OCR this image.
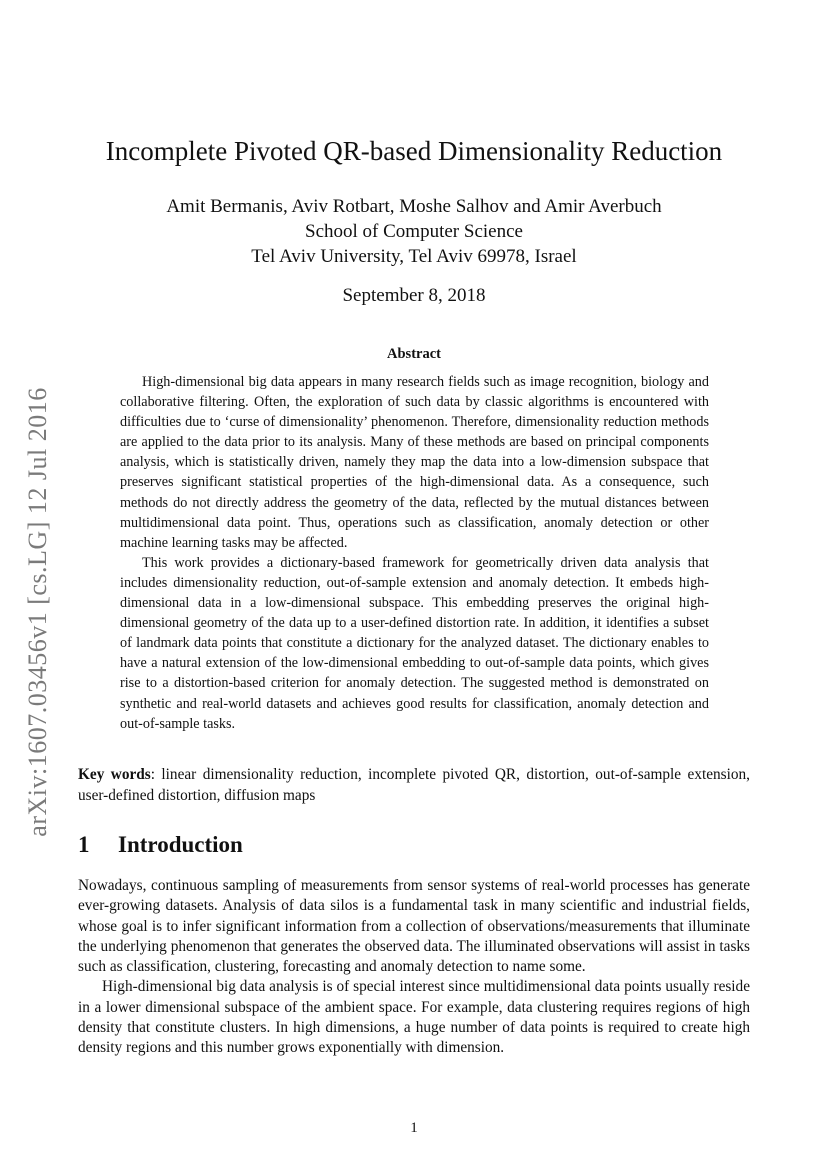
arXiv:1607.03456v1 [cs.LG] 12 Jul 2016
Incomplete Pivoted QR-based Dimensionality Reduction
Amit Bermanis, Aviv Rotbart, Moshe Salhov and Amir Averbuch
School of Computer Science
Tel Aviv University, Tel Aviv 69978, Israel
September 8, 2018
Abstract

High-dimensional big data appears in many research fields such as image recognition, biology and collaborative filtering. Often, the exploration of such data by classic algorithms is encountered with difficulties due to ‘curse of dimensionality’ phenomenon. Therefore, dimensionality reduction methods are applied to the data prior to its analysis. Many of these methods are based on principal components analysis, which is statistically driven, namely they map the data into a low-dimension subspace that preserves significant statistical properties of the high-dimensional data. As a consequence, such methods do not directly address the geometry of the data, reflected by the mutual distances between multidimensional data point. Thus, operations such as classification, anomaly detection or other machine learning tasks may be affected.

This work provides a dictionary-based framework for geometrically driven data analysis that includes dimensionality reduction, out-of-sample extension and anomaly detection. It embeds high-dimensional data in a low-dimensional subspace. This embedding preserves the original high-dimensional geometry of the data up to a user-defined distortion rate. In addition, it identifies a subset of landmark data points that constitute a dictionary for the analyzed dataset. The dictionary enables to have a natural extension of the low-dimensional embedding to out-of-sample data points, which gives rise to a distortion-based criterion for anomaly detection. The suggested method is demonstrated on synthetic and real-world datasets and achieves good results for classification, anomaly detection and out-of-sample tasks.

Key words: linear dimensionality reduction, incomplete pivoted QR, distortion, out-of-sample extension, user-defined distortion, diffusion maps
1 Introduction

Nowadays, continuous sampling of measurements from sensor systems of real-world processes has generate ever-growing datasets. Analysis of data silos is a fundamental task in many scientific and industrial fields, whose goal is to infer significant information from a collection of observations/measurements that illuminate the underlying phenomenon that generates the observed data. The illuminated observations will assist in tasks such as classification, clustering, forecasting and anomaly detection to name some.

High-dimensional big data analysis is of special interest since multidimensional data points usually reside in a lower dimensional subspace of the ambient space. For example, data clustering requires regions of high density that constitute clusters. In high dimensions, a huge number of data points is required to create high density regions and this number grows exponentially with dimension.

1
